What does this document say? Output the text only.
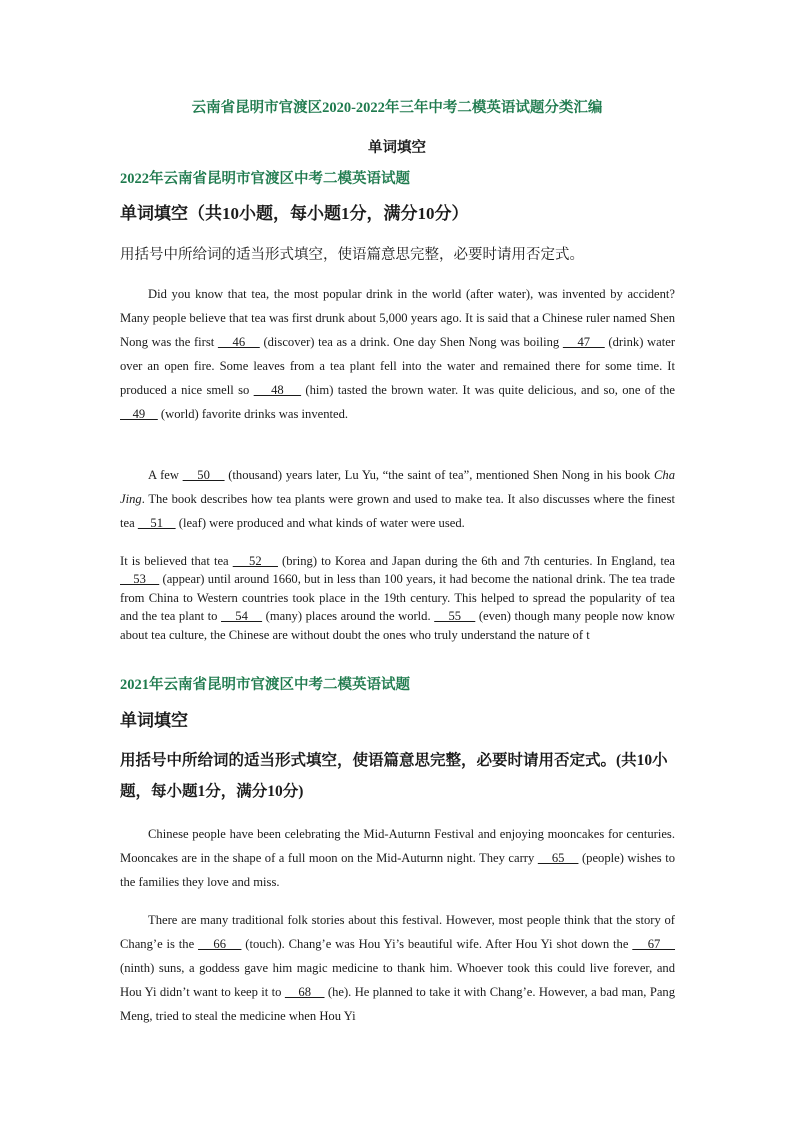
云南省昆明市官渡区2020-2022年三年中考二模英语试题分类汇编
单词填空
2022年云南省昆明市官渡区中考二模英语试题
单词填空（共10小题，每小题1分，满分10分）
用括号中所给词的适当形式填空，使语篇意思完整，必要时请用否定式。
Did you know that tea, the most popular drink in the world (after water), was invented by accident? Many people believe that tea was first drunk about 5,000 years ago. It is said that a Chinese ruler named Shen Nong was the first     46     (discover) tea as a drink. One day Shen Nong was boiling     47     (drink) water over an open fire. Some leaves from a tea plant fell into the water and remained there for some time. It produced a nice smell so     48     (him) tasted the brown water. It was quite delicious, and so, one of the     49     (world) favorite drinks was invented.
A few     50     (thousand) years later, Lu Yu, “the saint of tea”, mentioned Shen Nong in his book Cha Jing. The book describes how tea plants were grown and used to make tea. It also discusses where the finest tea     51     (leaf) were produced and what kinds of water were used.
It is believed that tea     52     (bring) to Korea and Japan during the 6th and 7th centuries. In England, tea     53     (appear) until around 1660, but in less than 100 years, it had become the national drink. The tea trade from China to Western countries took place in the 19th century. This helped to spread the popularity of tea and the tea plant to     54     (many) places around the world.     55     (even) though many people now know about tea culture, the Chinese are without doubt the ones who truly understand the nature of t
2021年云南省昆明市官渡区中考二模英语试题
单词填空
用括号中所给词的适当形式填空，使语篇意思完整，必要时请用否定式。(共10小题，每小题1分，满分10分)
Chinese people have been celebrating the Mid-Auturnn Festival and enjoying mooncakes for centuries. Mooncakes are in the shape of a full moon on the Mid-Auturnn night. They carry     65     (people) wishes to the families they love and miss.
There are many traditional folk stories about this festival. However, most people think that the story of Chang’e is the     66     (touch). Chang’e was Hou Yi’s beautiful wife. After Hou Yi shot down the     67     (ninth) suns, a goddess gave him magic medicine to thank him. Whoever took this could live forever, and Hou Yi didn’t want to keep it to     68     (he). He planned to take it with Chang’e. However, a bad man, Pang Meng, tried to steal the medicine when Hou Yi
